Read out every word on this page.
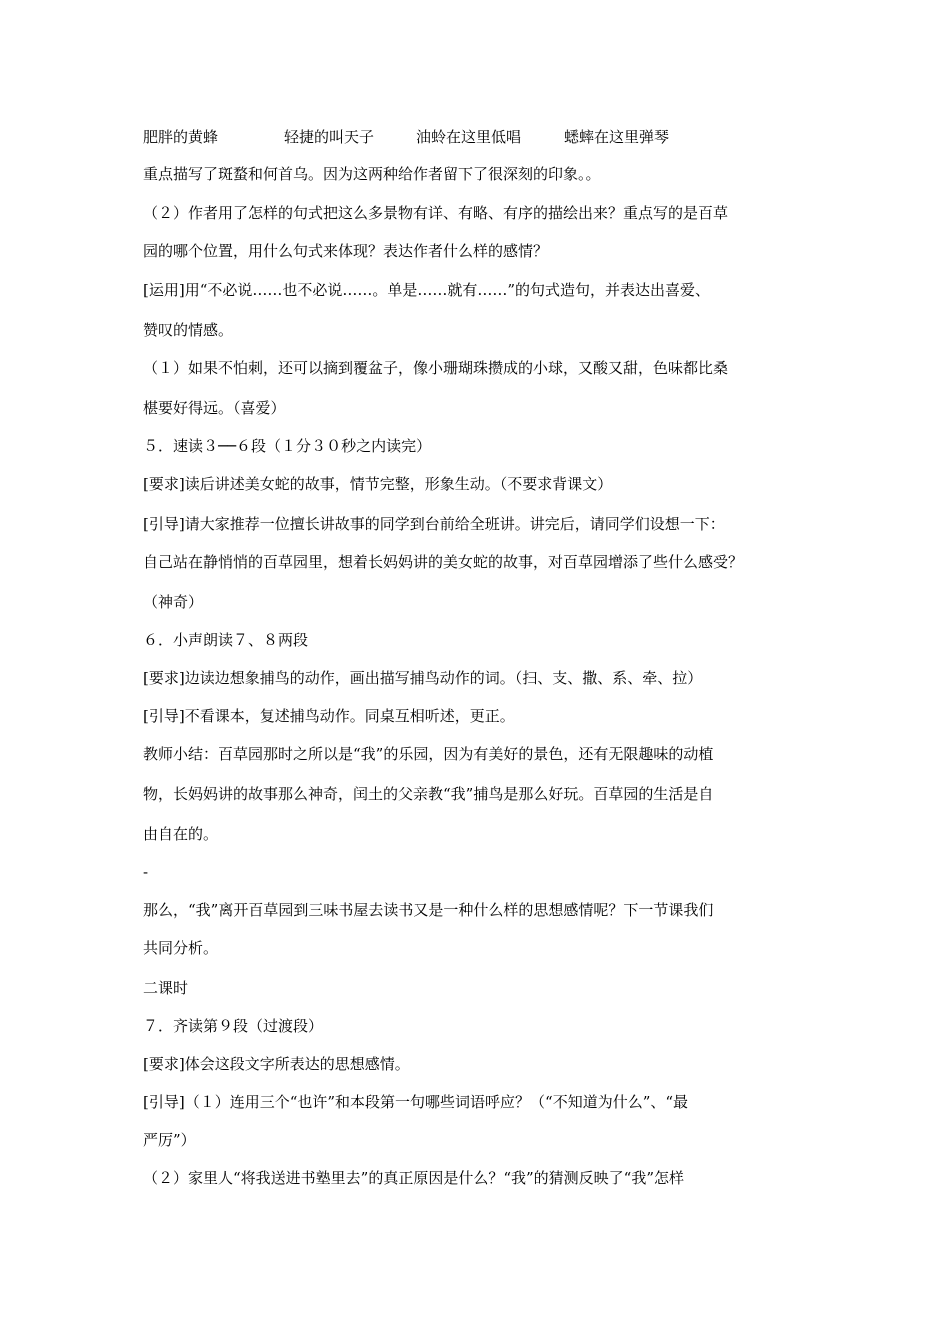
肥胖的黄蜂	轻捷的叫天子	油蛉在这里低唱	蟋蟀在这里弹琴
重点描写了斑蝥和何首乌。因为这两种给作者留下了很深刻的印象。。
（２）作者用了怎样的句式把这么多景物有详、有略、有序的描绘出来？重点写的是百草
园的哪个位置，用什么句式来体现？表达作者什么样的感情？
[运用]用“不必说……也不必说……。单是……就有……”的句式造句，并表达出喜爱、
赞叹的情感。
（１）如果不怕刺，还可以摘到覆盆子，像小珊瑚珠攒成的小球，又酸又甜，色味都比桑
椹要好得远。（喜爱）
５．速读３──６段（１分３０秒之内读完）
[要求]读后讲述美女蛇的故事，情节完整，形象生动。（不要求背课文）
[引导]请大家推荐一位擅长讲故事的同学到台前给全班讲。讲完后，请同学们设想一下：
自己站在静悄悄的百草园里，想着长妈妈讲的美女蛇的故事，对百草园增添了些什么感受？
（神奇）
６．小声朗读７、８两段
[要求]边读边想象捕鸟的动作，画出描写捕鸟动作的词。（扫、支、撒、系、牵、拉）
[引导]不看课本，复述捕鸟动作。同桌互相听述，更正。
教师小结：百草园那时之所以是“我”的乐园，因为有美好的景色，还有无限趣味的动植
物，长妈妈讲的故事那么神奇，闰土的父亲教“我”捕鸟是那么好玩。百草园的生活是自
由自在的。
-
那么，“我”离开百草园到三味书屋去读书又是一种什么样的思想感情呢？下一节课我们
共同分析。
二课时
７．齐读第９段（过渡段）
[要求]体会这段文字所表达的思想感情。
[引导]（１）连用三个“也许”和本段第一句哪些词语呼应？（“不知道为什么”、“最
严厉”）
（２）家里人“将我送进书塾里去”的真正原因是什么？“我”的猜测反映了“我”怎样
